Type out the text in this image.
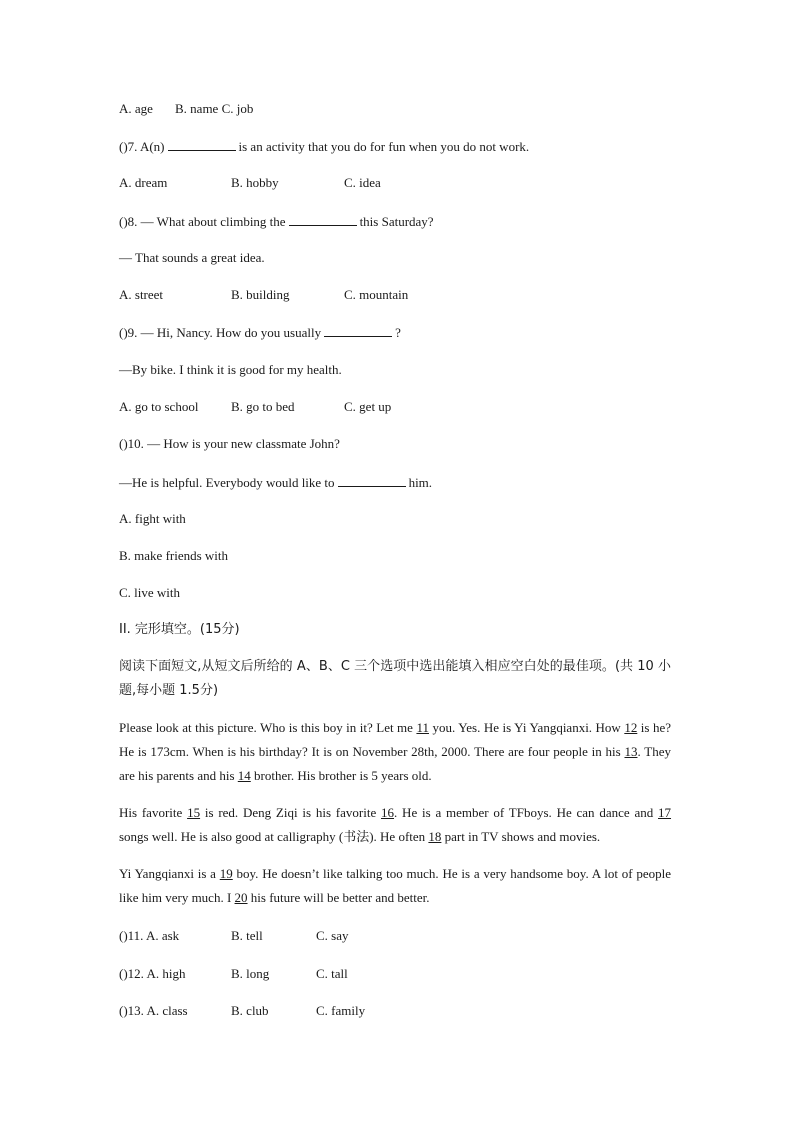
A. age B. name C. job
()7. A(n)	is an activity that you do for fun when you do not work.
A. dream	B. hobby	C. idea
()8. — What about climbing the	this Saturday?
— That sounds a great idea.
A. street	B. building	C. mountain
()9. — Hi, Nancy. How do you usually	?
—By bike. I think it is good for my health.
A. go to school	B. go to bed	C. get up
()10. — How is your new classmate John?
—He is helpful. Everybody would like to	him.
A. fight with
B. make friends with
C. live with
II. 完形填空。(15分)
阅读下面短文,从短文后所给的 A、B、C 三个选项中选出能填入相应空白处的最佳项。(共 10 小题,每小题 1.5分)
Please look at this picture. Who is this boy in it? Let me 11 you. Yes. He is Yi Yangqianxi. How 12 is he? He is 173cm. When is his birthday? It is on November 28th, 2000. There are four people in his 13. They are his parents and his 14 brother. His brother is 5 years old.
His favorite 15 is red. Deng Ziqi is his favorite 16. He is a member of TFboys. He can dance and 17 songs well. He is also good at calligraphy (书法). He often 18 part in TV shows and movies.
Yi Yangqianxi is a 19 boy. He doesn’t like talking too much. He is a very handsome boy. A lot of people like him very much. I 20 his future will be better and better.
()11. A. ask	B. tell	C. say
()12. A. high	B. long	C. tall
()13. A. class	B. club	C. family
